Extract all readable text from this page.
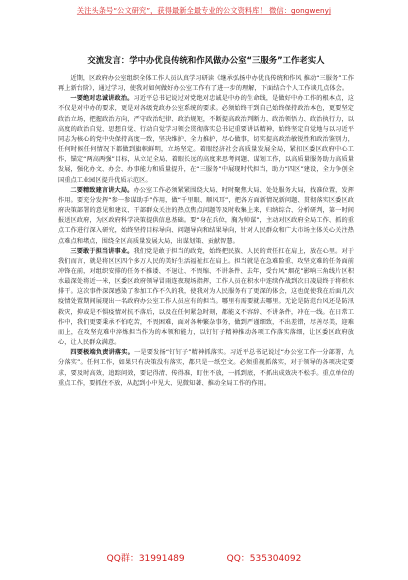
关注头条号“公文研究”，获得最新全最专业的公文资料库！ 微信：gongwenyj
交流发言：学中办优良传统和作风做办公室“三服务”工作老实人

近期，区政府办公室组织全体工作人员认真学习研读《继承弘扬中办优良传统和作风 推动“三服务”工作再上新台阶》，通过学习，使我对如何做好办公室工作有了进一步的理解，下面结合个人工作谈几点体会。

一要绝对忠诚讲政治。习近平总书记说过对党绝对忠诚是中办的生命线，是做好中办工作的根本点，这不仅是对中办的要求，更是对各级党政办公室系统的要求。必须始终干到自己始终保持政治本色，更要坚定政治立场，把握政治方向，严守政治纪律、政治规矩，不断提高政治判断力、政治领悟力、政治执行力，以高度的政治自觉、思想自觉、行动自觉学习领会贯彻落实总书记重要讲话精神，始终坚定自觉地与以习近平同志为核心的党中央保持高度一致，坚决维护、全力推护，尽心做事，切实提高政治敏锐性和政治鉴别力，任何时候任何情况下都做到旗帜鲜明，立场坚定。着眼经济社会高质量发展全局，紧扣区委区政府中心工作，锚定“两高两强”目标，从立足全局、着眼长远的高度来思考问题、谋划工作，以高质量服务助力高质量发展，强化办文、办会、办事能力和质量提升，在“三服务”中展现时代担当，助力“四区”建设，全力争创全国重点工业园区提升优质示范区。

二要精致建言讲大局。办公室工作必须紧紧围绕大局、时时聚焦大局、处处服务大局，找准位置，发挥作用。要充分发挥“参一参谋助手”作用，做“千里眼、顺风耳”，把各方面新情况新问题、贯彻落实区委区政府决策部署的意见和建议、干部群众关注的热点焦点问题等及时收集上来，归纳综合、分析研判，第一时间报送区政府，为区政府科学决策提供信息基础。要“身在兵位，胸为帅谋”，主动对区政府全局工作、抓的重点工作进行深入研究，始终坚持目标导向、问题导向和结果导向，针对人民群众和广大市场主体关心关注热点难点和堵点，围绕全区高质量发展大局，出谋划策、贡献智慧。

三要敢于担当讲事业。我们党是敢于担当的政党，始终把民族、人民的责任扛在肩上，放在心里。对于我们而言，就是将区区四个多万人民的美好生活福祉扛在肩上。担当就是在急难险重、攻坚克难的任务面前冲锋在前，对组织安排的任务不推诿、不退让、不畏缩、不讲条件、去年，受台风“烟花”影响三角线片区积水最深处将近一米，区委区政府领导冒雨连夜现场指挥，工作人员在积水中连续作战到次日凌晨终于将积水排干。这次事件深深感染了参加工作不久的我，使我对为人民服务有了更深的体会，这也促使我在后面几次疫情处置期间展现出一名政府办公室工作人员应有的担当。哪里有需要就去哪里。无论是防范台风还是防汛救灾，抑或是不惧疫情对抗不落后，以及在任何紧急时刻，都能义不容辞、不讲条件，冲在一线。在日常工作中，我们更要秉承不怕吃苦，不畏困难，面对各种繁杂事务，做到严谨细致，不出差错，尽善尽美，迎难而上，在攻坚克难中淬炼担当作为的本领和能力，以钉钉子精神推动各项工作落实落细，让区委区政府放心，让人民群众满意。

四要极端负责讲落实。一是要发扬“钉钉子”精神抓落实。习近平总书记说过“办公室工作一分部署，九分落实”。任何工作，如果只有决策没有落实，都只是一纸空文。必须重视抓落实，对于领导的各项决定要求，要及时高效，追踪问效，要记得清、传得准，盯住不放，一抓到底，不抓出成效决不松手。重点单位的重点工作，要抓住不放，从起到小中见大、见微知著、推动全局工作的作用。

QQ群：31991489	QQ：535304092
